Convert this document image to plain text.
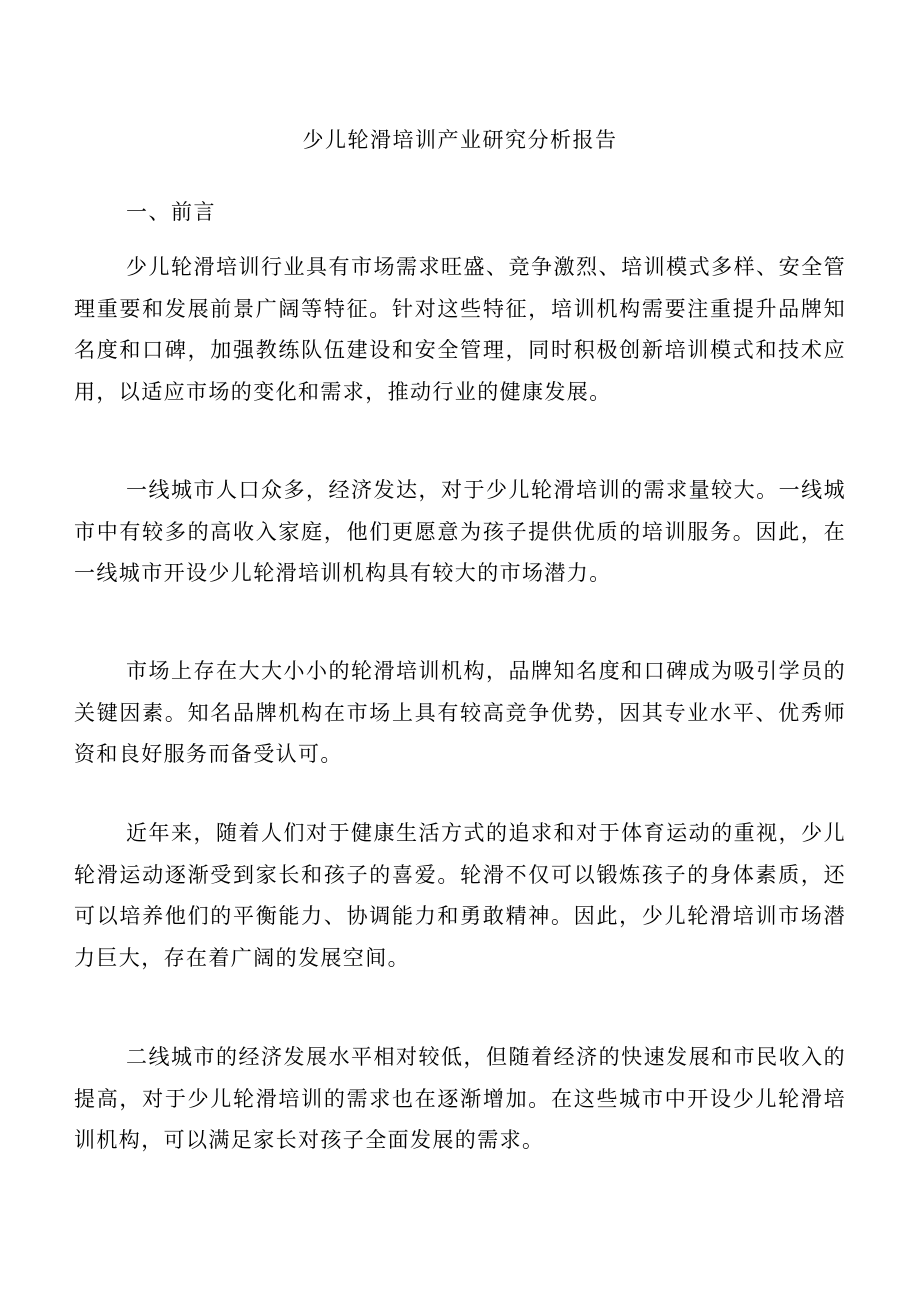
少儿轮滑培训产业研究分析报告
一、前言

少儿轮滑培训行业具有市场需求旺盛、竞争激烈、培训模式多样、安全管理重要和发展前景广阔等特征。针对这些特征，培训机构需要注重提升品牌知名度和口碑，加强教练队伍建设和安全管理，同时积极创新培训模式和技术应用，以适应市场的变化和需求，推动行业的健康发展。

一线城市人口众多，经济发达，对于少儿轮滑培训的需求量较大。一线城市中有较多的高收入家庭，他们更愿意为孩子提供优质的培训服务。因此，在一线城市开设少儿轮滑培训机构具有较大的市场潜力。

市场上存在大大小小的轮滑培训机构，品牌知名度和口碑成为吸引学员的关键因素。知名品牌机构在市场上具有较高竞争优势，因其专业水平、优秀师资和良好服务而备受认可。

近年来，随着人们对于健康生活方式的追求和对于体育运动的重视，少儿轮滑运动逐渐受到家长和孩子的喜爱。轮滑不仅可以锻炼孩子的身体素质，还可以培养他们的平衡能力、协调能力和勇敢精神。因此，少儿轮滑培训市场潜力巨大，存在着广阔的发展空间。

二线城市的经济发展水平相对较低，但随着经济的快速发展和市民收入的提高，对于少儿轮滑培训的需求也在逐渐增加。在这些城市中开设少儿轮滑培训机构，可以满足家长对孩子全面发展的需求。
